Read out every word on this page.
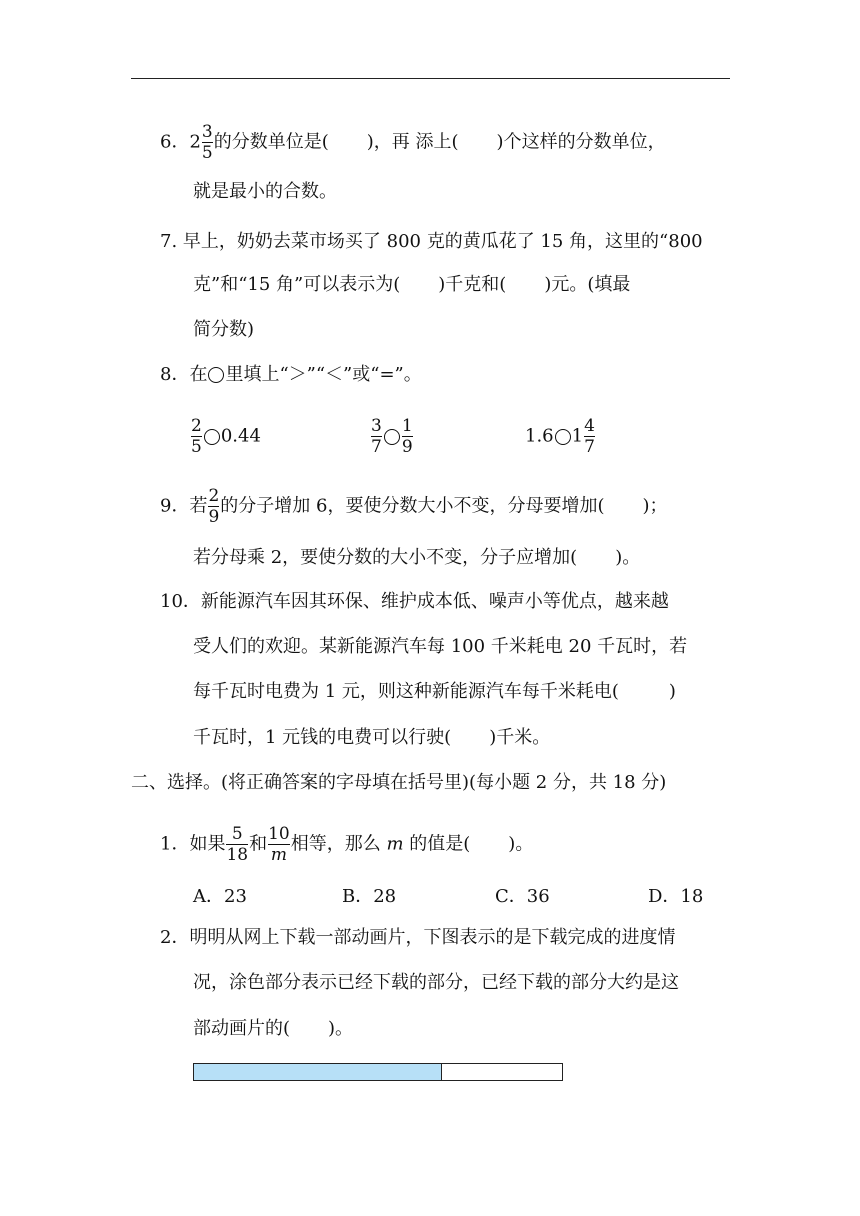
6．$2 \frac{3}{5}$ 的分数单位是( )，再 添上( )个这样的分数单位，
就是最小的合数。
7. 早上，奶奶去菜市场买了 800 克的黄瓜花了 15 角，这里的“800
克”和“15 角”可以表示为( )千克和( )元。(填最
简分数)
8．在 里填上“＞”“＜”或“=”。
$\frac{2}{5} 0.44$	$\frac{3}{7} \frac{1}{9}$	1.6 $1 \frac{4}{7}$
9．若 $\frac{2}{9}$ 的分子增加 6，要使分数大小不变，分母要增加( )；
若分母乘 2，要使分数的大小不变，分子应增加( )。
10．新能源汽车因其环保、维护成本低、噪声小等优点，越来越
受人们的欢迎。某新能源汽车每 100 千米耗电 20 千瓦时，若
每千瓦时电费为 1 元，则这种新能源汽车每千米耗电(	)
千瓦时，1 元钱的电费可以行驶( )千米。
二、选择。(将正确答案的字母填在括号里)(每小题 2 分，共 18 分)
1．如果 $\frac{5}{18}$ 和 $\frac{10}{m}$ 相等，那么 m 的值是( )。
A．23	B．28	C．36	D．18
2．明明从网上下载一部动画片，下图表示的是下载完成的进度情
况，涂色部分表示已经下载的部分，已经下载的部分大约是这
部动画片的( )。
